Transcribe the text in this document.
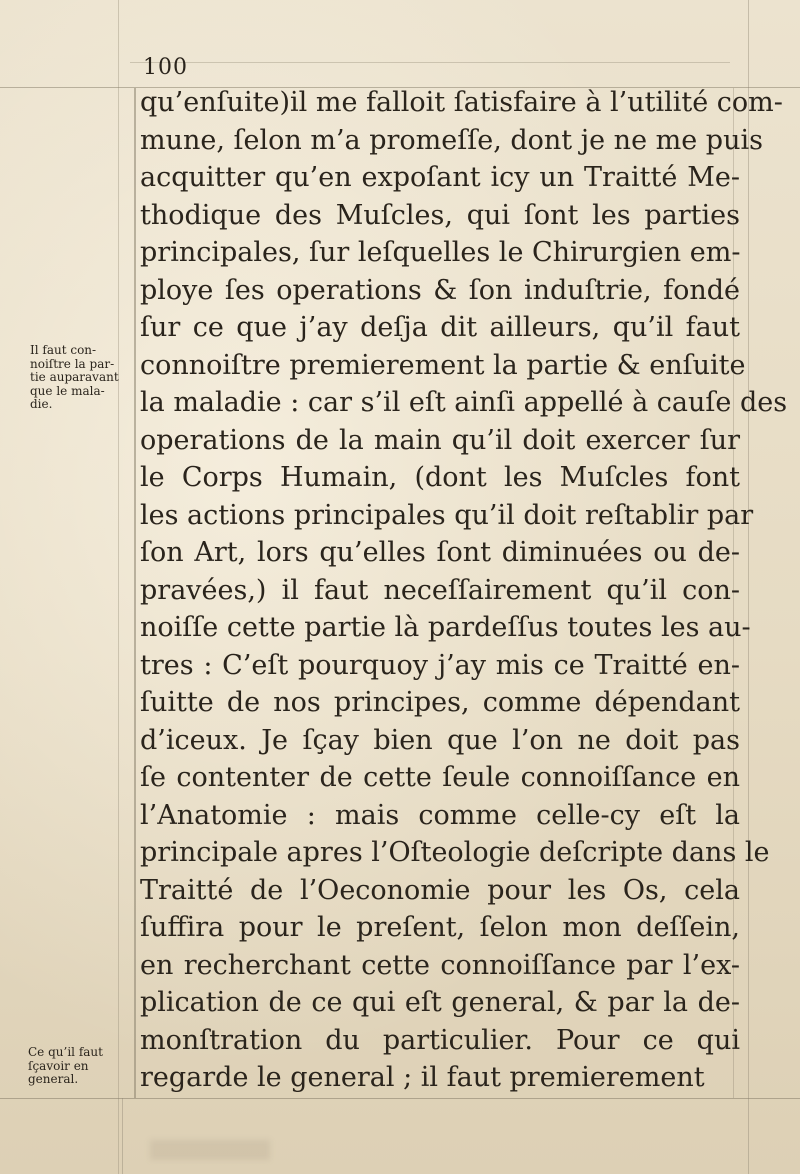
100
qu’enſuite)il me falloit ſatisfaire à l’utilité com-
mune, ſelon m’a promeſſe, dont je ne me puis
acquitter qu’en expoſant icy un Traitté Me-
thodique des Muſcles, qui ſont les parties
principales, ſur leſquelles le Chirurgien em-
ploye ſes operations & ſon induſtrie, fondé
ſur ce que j’ay deſja dit ailleurs, qu’il faut
connoiſtre premierement la partie & enſuite
la maladie : car s’il eſt ainſi appellé à cauſe des
operations de la main qu’il doit exercer ſur
le Corps Humain, (dont les Muſcles font
les actions principales qu’il doit reſtablir par
ſon Art, lors qu’elles ſont diminuées ou de-
pravées,) il faut neceſſairement qu’il con-
noiſſe cette partie là pardeſſus toutes les au-
tres : C’eſt pourquoy j’ay mis ce Traitté en-
ſuitte de nos principes, comme dépendant
d’iceux. Je ſçay bien que l’on ne doit pas
ſe contenter de cette ſeule connoiſſance en
l’Anatomie : mais comme celle-cy eſt la
principale apres l’Oſteologie deſcripte dans le
Traitté de l’Oeconomie pour les Os, cela
ſuffira pour le preſent, ſelon mon deſſein,
en recherchant cette connoiſſance par l’ex-
plication de ce qui eſt general, & par la de-
monſtration du particulier. Pour ce qui
regarde le general ; il faut premierement
Il faut con-
noiſtre la par-
tie auparavant
que le mala-
die.
Ce qu’il faut
ſçavoir en
general.
